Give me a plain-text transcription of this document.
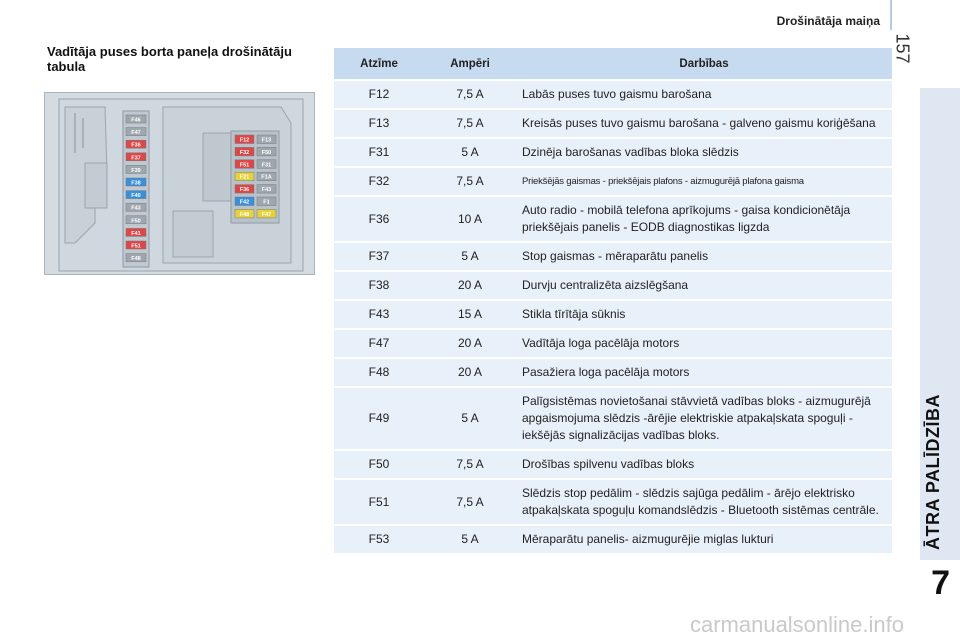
Drošinātāja maiņa
157
ĀTRA PALĪDZĪBA
7
Vadītāja puses borta paneļa drošinātāju tabula
F46
F47
F36
F37
F39
F38
F40
F43
F50
F41
F51
F48
F12 F13
F32 F50
F51 F31
F21 F1A
F36 F43
F42	F1
F48 F47
Atzīme	Ampēri	Darbības
F12	7,5 A	Labās puses tuvo gaismu barošana
F13	7,5 A	Kreisās puses tuvo gaismu barošana - galveno gaismu koriģēšana
F31	5 A	Dzinēja barošanas vadības bloka slēdzis
F32	7,5 A	Priekšējās gaismas - priekšējais plafons - aizmugurējā plafona gaisma
F36	10 A	Auto radio - mobilā telefona aprīkojums - gaisa kondicionētāja priekšējais panelis - EODB diagnostikas ligzda
F37	5 A	Stop gaismas - mēraparātu panelis
F38	20 A	Durvju centralizēta aizslēgšana
F43	15 A	Stikla tīrītāja sūknis
F47	20 A	Vadītāja loga pacēlāja motors
F48	20 A	Pasažiera loga pacēlāja motors
F49	5 A	Palīgsistēmas novietošanai stāvvietā vadības bloks - aizmugurējā apgaismojuma slēdzis -ārējie elektriskie atpakaļskata spoguļi - iekšējās signalizācijas vadības bloks.
F50	7,5 A	Drošības spilvenu vadības bloks
F51	7,5 A	Slēdzis stop pedālim - slēdzis sajūga pedālim - ārējo elektrisko atpakaļskata spoguļu komandslēdzis - Bluetooth sistēmas centrāle.
F53	5 A	Mēraparātu panelis- aizmugurējie miglas lukturi
carmanualsonline.info
